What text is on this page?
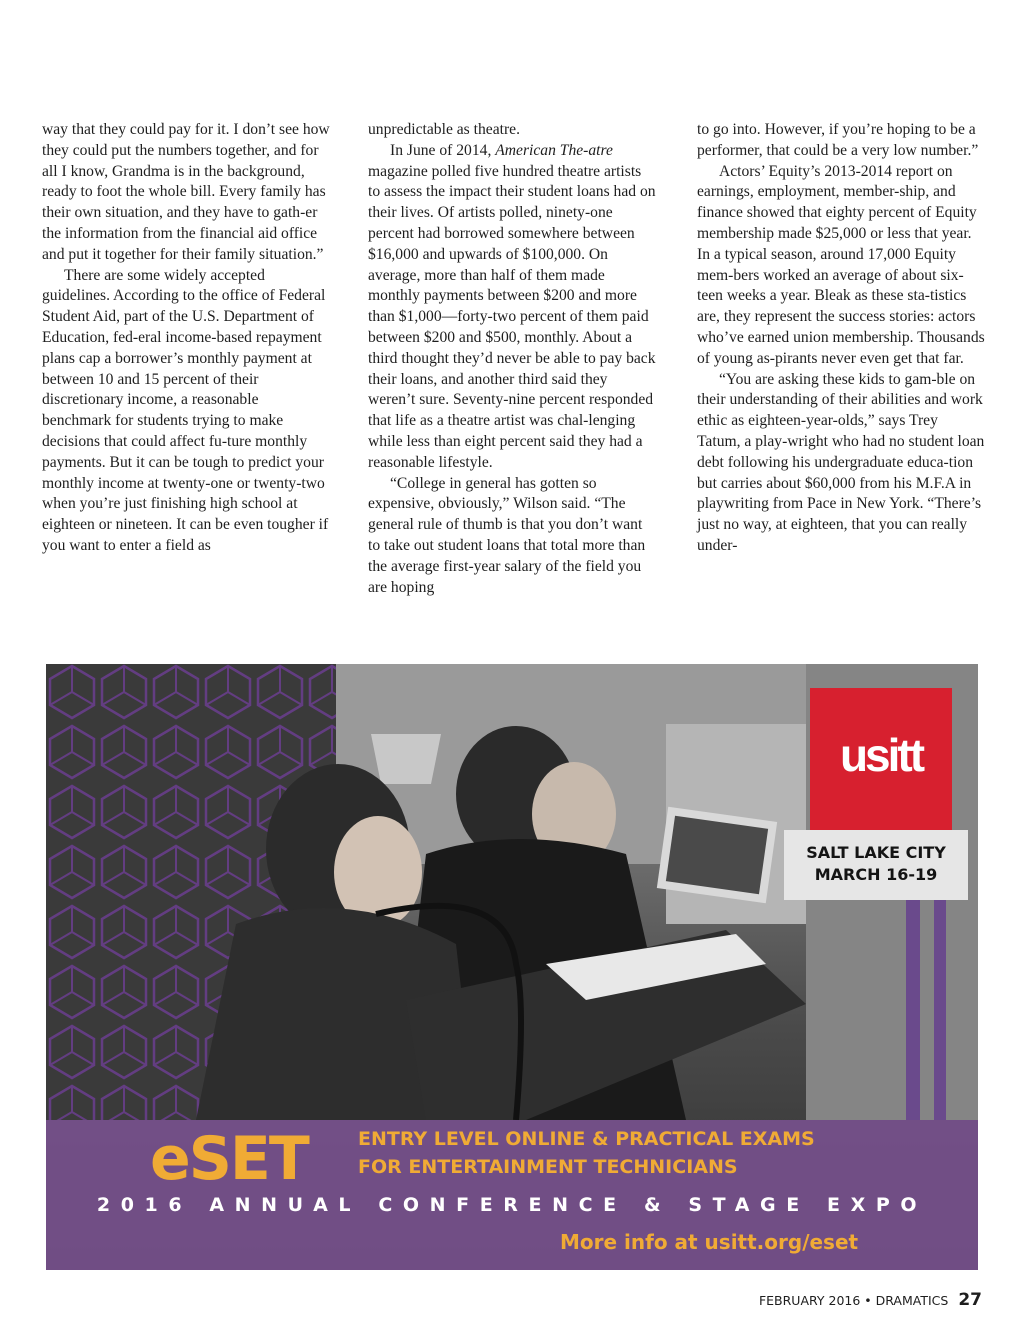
way that they could pay for it. I don’t see how they could put the numbers together, and for all I know, Grandma is in the background, ready to foot the whole bill. Every family has their own situation, and they have to gath-er the information from the financial aid office and put it together for their family situation.”

There are some widely accepted guidelines. According to the office of Federal Student Aid, part of the U.S. Department of Education, fed-eral income-based repayment plans cap a borrower’s monthly payment at between 10 and 15 percent of their discretionary income, a reasonable benchmark for students trying to make decisions that could affect fu-ture monthly payments. But it can be tough to predict your monthly income at twenty-one or twenty-two when you’re just finishing high school at eighteen or nineteen. It can be even tougher if you want to enter a field as

unpredictable as theatre.

In June of 2014, American The-atre magazine polled five hundred theatre artists to assess the impact their student loans had on their lives. Of artists polled, ninety-one percent had borrowed somewhere between $16,000 and upwards of $100,000. On average, more than half of them made monthly payments between $200 and more than $1,000—forty-two percent of them paid between $200 and $500, monthly. About a third thought they’d never be able to pay back their loans, and another third said they weren’t sure. Seventy-nine percent responded that life as a theatre artist was chal-lenging while less than eight percent said they had a reasonable lifestyle.

“College in general has gotten so expensive, obviously,” Wilson said. “The general rule of thumb is that you don’t want to take out student loans that total more than the average first-year salary of the field you are hoping

to go into. However, if you’re hoping to be a performer, that could be a very low number.”

Actors’ Equity’s 2013-2014 report on earnings, employment, member-ship, and finance showed that eighty percent of Equity membership made $25,000 or less that year. In a typical season, around 17,000 Equity mem-bers worked an average of about six-teen weeks a year. Bleak as these sta-tistics are, they represent the success stories: actors who’ve earned union membership. Thousands of young as-pirants never even get that far.

“You are asking these kids to gam-ble on their understanding of their abilities and work ethic as eighteen-year-olds,” says Trey Tatum, a play-wright who had no student loan debt following his undergraduate educa-tion but carries about $60,000 from his M.F.A in playwriting from Pace in New York. “There’s just no way, at eighteen, that you can really under-

usitt
SALT LAKE CITY
MARCH 16-19
eSET	ENTRY LEVEL ONLINE & PRACTICAL EXAMS
FOR ENTERTAINMENT TECHNICIANS
2016 ANNUAL CONFERENCE & STAGE EXPO
More info at usitt.org/eset
FEBRUARY 2016 • DRAMATICS 27
